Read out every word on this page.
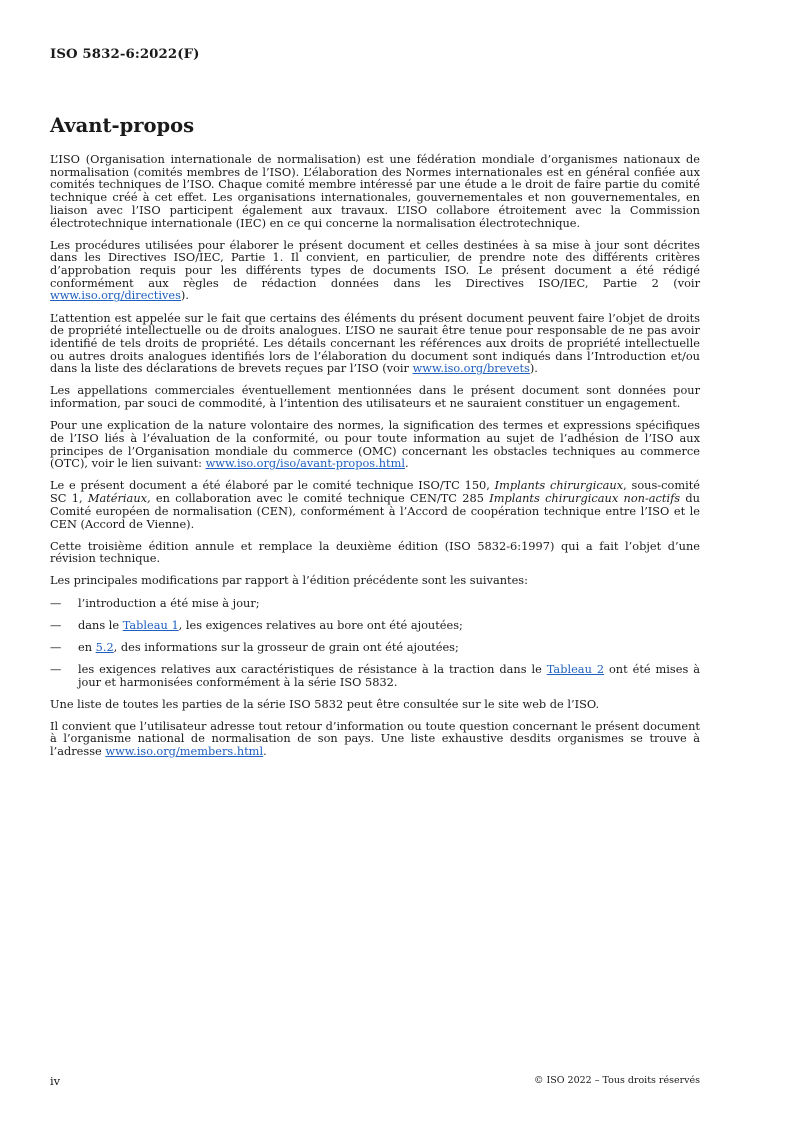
ISO 5832-6:2022(F)
Avant-propos

L’ISO (Organisation internationale de normalisation) est une fédération mondiale d’organismes nationaux de normalisation (comités membres de l’ISO). L’élaboration des Normes internationales est en général confiée aux comités techniques de l’ISO. Chaque comité membre intéressé par une étude a le droit de faire partie du comité technique créé à cet effet. Les organisations internationales, gouvernementales et non gouvernementales, en liaison avec l’ISO participent également aux travaux. L’ISO collabore étroitement avec la Commission électrotechnique internationale (IEC) en ce qui concerne la normalisation électrotechnique.

Les procédures utilisées pour élaborer le présent document et celles destinées à sa mise à jour sont décrites dans les Directives ISO/IEC, Partie 1. Il convient, en particulier, de prendre note des différents critères d’approbation requis pour les différents types de documents ISO. Le présent document a été rédigé conformément aux règles de rédaction données dans les Directives ISO/IEC, Partie 2 (voir www.iso.org/directives).

L’attention est appelée sur le fait que certains des éléments du présent document peuvent faire l’objet de droits de propriété intellectuelle ou de droits analogues. L’ISO ne saurait être tenue pour responsable de ne pas avoir identifié de tels droits de propriété. Les détails concernant les références aux droits de propriété intellectuelle ou autres droits analogues identifiés lors de l’élaboration du document sont indiqués dans l’Introduction et/ou dans la liste des déclarations de brevets reçues par l’ISO (voir www.iso.org/brevets).

Les appellations commerciales éventuellement mentionnées dans le présent document sont données pour information, par souci de commodité, à l’intention des utilisateurs et ne sauraient constituer un engagement.

Pour une explication de la nature volontaire des normes, la signification des termes et expressions spécifiques de l’ISO liés à l’évaluation de la conformité, ou pour toute information au sujet de l’adhésion de l’ISO aux principes de l’Organisation mondiale du commerce (OMC) concernant les obstacles techniques au commerce (OTC), voir le lien suivant: www.iso.org/iso/avant-propos.html.

Le e présent document a été élaboré par le comité technique ISO/TC 150, Implants chirurgicaux, sous-comité SC 1, Matériaux, en collaboration avec le comité technique CEN/TC 285 Implants chirurgicaux non-actifs du Comité européen de normalisation (CEN), conformément à l’Accord de coopération technique entre l’ISO et le CEN (Accord de Vienne).

Cette troisième édition annule et remplace la deuxième édition (ISO 5832-6:1997) qui a fait l’objet d’une révision technique.

Les principales modifications par rapport à l’édition précédente sont les suivantes:

—	l’introduction a été mise à jour;
—	dans le Tableau 1, les exigences relatives au bore ont été ajoutées;
—	en 5.2, des informations sur la grosseur de grain ont été ajoutées;
—	les exigences relatives aux caractéristiques de résistance à la traction dans le Tableau 2 ont été mises à jour et harmonisées conformément à la série ISO 5832.

Une liste de toutes les parties de la série ISO 5832 peut être consultée sur le site web de l’ISO.

Il convient que l’utilisateur adresse tout retour d’information ou toute question concernant le présent document à l’organisme national de normalisation de son pays. Une liste exhaustive desdits organismes se trouve à l’adresse www.iso.org/members.html.

iv	© ISO 2022 – Tous droits réservés
